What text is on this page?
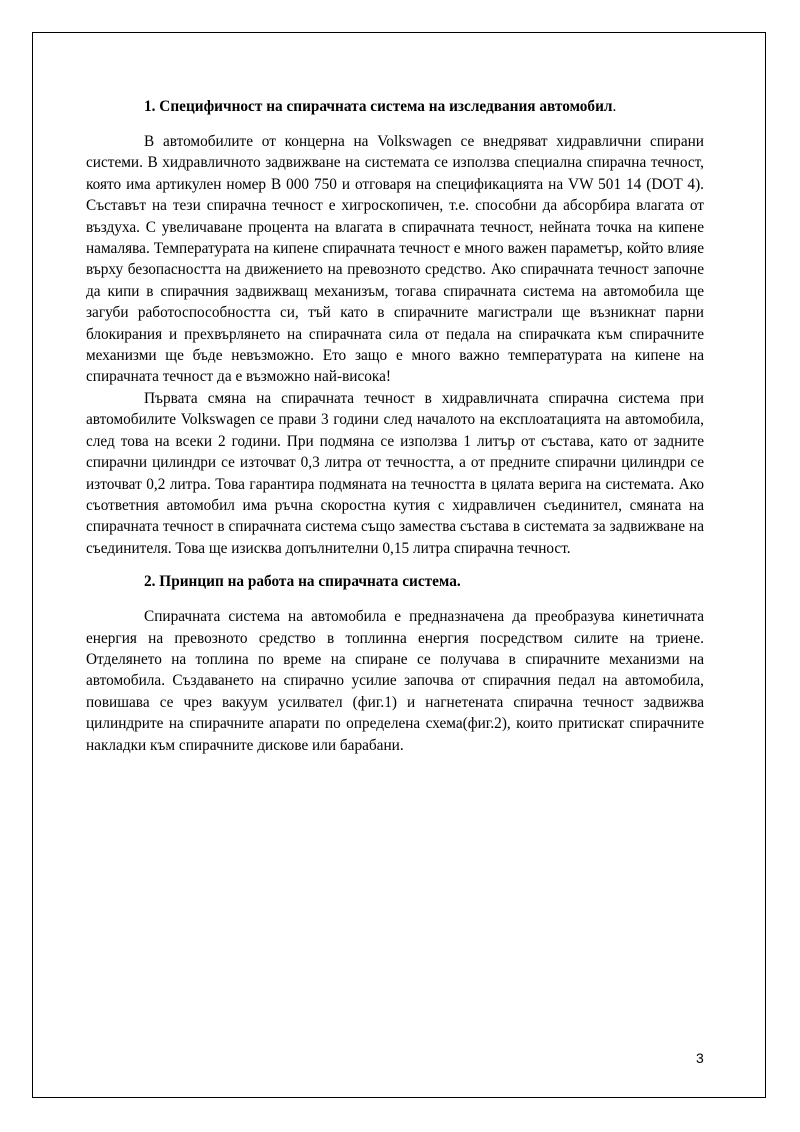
1. Специфичност на спирачната система на изследвания автомобил.

В автомобилите от концерна на Volkswagen се внедряват хидравлични спирани системи. В хидравличното задвижване на системата се използва специална спирачна течност, която има артикулен номер B 000 750 и отговаря на спецификацията на VW 501 14 (DOT 4). Съставът на тези спирачна течност е хигроскопичен, т.е. способни да абсорбира влагата от въздуха. С увеличаване процента на влагата в спирачната течност, нейната точка на кипене намалява. Температурата на кипене спирачната течност е много важен параметър, който влияе върху безопасността на движението на превозното средство. Ако спирачната течност започне да кипи в спирачния задвижващ механизъм, тогава спирачната система на автомобила ще загуби работоспособността си, тъй като в спирачните магистрали ще възникнат парни блокирания и прехвърлянето на спирачната сила от педала на спирачката към спирачните механизми ще бъде невъзможно. Ето защо е много важно температурата на кипене на спирачната течност да е възможно най-висока!

Първата смяна на спирачната течност в хидравличната спирачна система при автомобилите Volkswagen се прави 3 години след началото на експлоатацията на автомобила, след това на всеки 2 години. При подмяна се използва 1 литър от състава, като от задните спирачни цилиндри се източват 0,3 литра от течността, а от предните спирачни цилиндри се източват 0,2 литра. Това гарантира подмяната на течността в цялата верига на системата. Ако съответния автомобил има ръчна скоростна кутия с хидравличен съединител, смяната на спирачната течност в спирачната система също замества състава в системата за задвижване на съединителя. Това ще изисква допълнителни 0,15 литра спирачна течност.

2. Принцип на работа на спирачната система.

Спирачната система на автомобила е предназначена да преобразува кинетичната енергия на превозното средство в топлинна енергия посредством силите на триене. Отделянето на топлина по време на спиране се получава в спирачните механизми на автомобила. Създаването на спирачно усилие започва от спирачния педал на автомобила, повишава се чрез вакуум усилвател (фиг.1) и нагнетената спирачна течност задвижва цилиндрите на спирачните апарати по определена схема(фиг.2), които притискат спирачните накладки към спирачните дискове или барабани.

3
